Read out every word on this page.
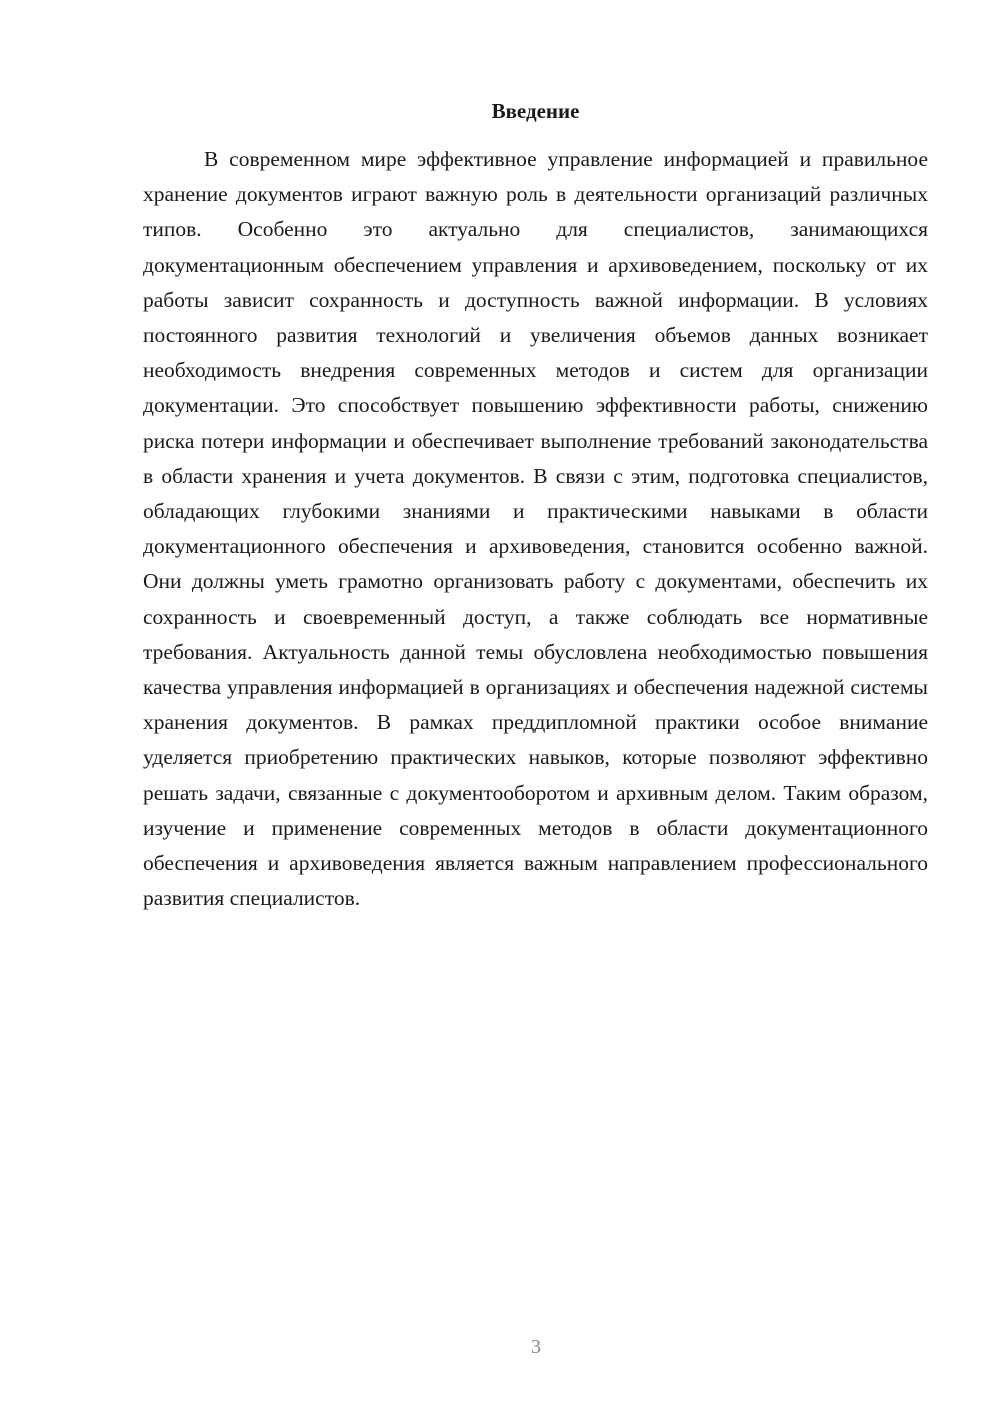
Введение

В современном мире эффективное управление информацией и правильное хранение документов играют важную роль в деятельности организаций различных типов. Особенно это актуально для специалистов, занимающихся документационным обеспечением управления и архивоведением, поскольку от их работы зависит сохранность и доступность важной информации. В условиях постоянного развития технологий и увеличения объемов данных возникает необходимость внедрения современных методов и систем для организации документации. Это способствует повышению эффективности работы, снижению риска потери информации и обеспечивает выполнение требований законодательства в области хранения и учета документов. В связи с этим, подготовка специалистов, обладающих глубокими знаниями и практическими навыками в области документационного обеспечения и архивоведения, становится особенно важной. Они должны уметь грамотно организовать работу с документами, обеспечить их сохранность и своевременный доступ, а также соблюдать все нормативные требования. Актуальность данной темы обусловлена необходимостью повышения качества управления информацией в организациях и обеспечения надежной системы хранения документов. В рамках преддипломной практики особое внимание уделяется приобретению практических навыков, которые позволяют эффективно решать задачи, связанные с документооборотом и архивным делом. Таким образом, изучение и применение современных методов в области документационного обеспечения и архивоведения является важным направлением профессионального развития специалистов.

3
